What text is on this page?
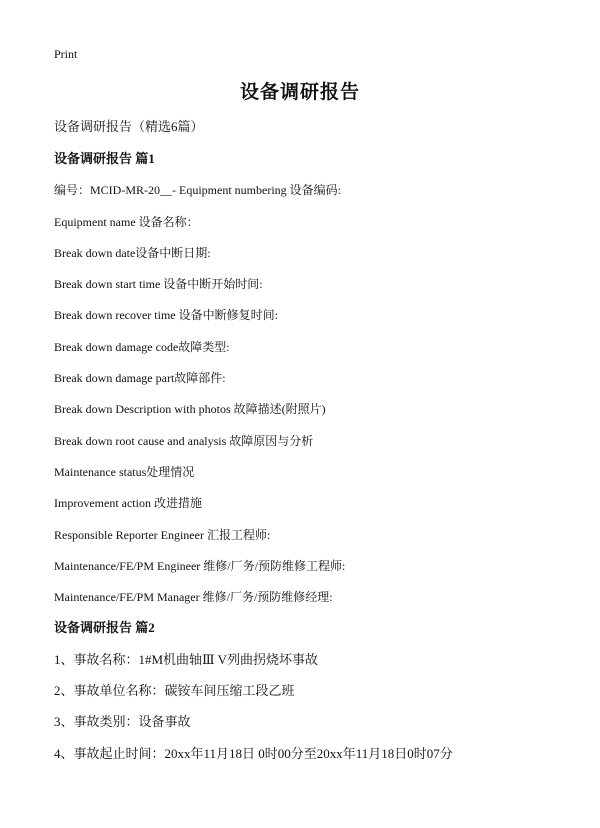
Print
设备调研报告
设备调研报告（精选6篇）
设备调研报告 篇1
编号：MCID-MR-20__- Equipment numbering 设备编码:
Equipment name 设备名称：
Break down date设备中断日期:
Break down start time 设备中断开始时间:
Break down recover time 设备中断修复时间:
Break down damage code故障类型:
Break down damage part故障部件:
Break down Description with photos 故障描述(附照片)
Break down root cause and analysis 故障原因与分析
Maintenance status处理情况
Improvement action 改进措施
Responsible Reporter Engineer 汇报工程师:
Maintenance/FE/PM Engineer 维修/厂务/预防维修工程师:
Maintenance/FE/PM Manager 维修/厂务/预防维修经理:
设备调研报告 篇2
1、事故名称：1#M机曲轴Ⅲ V列曲拐烧坏事故
2、事故单位名称：碳铵车间压缩工段乙班
3、事故类别：设备事故
4、事故起止时间：20xx年11月18日 0时00分至20xx年11月18日0时07分
